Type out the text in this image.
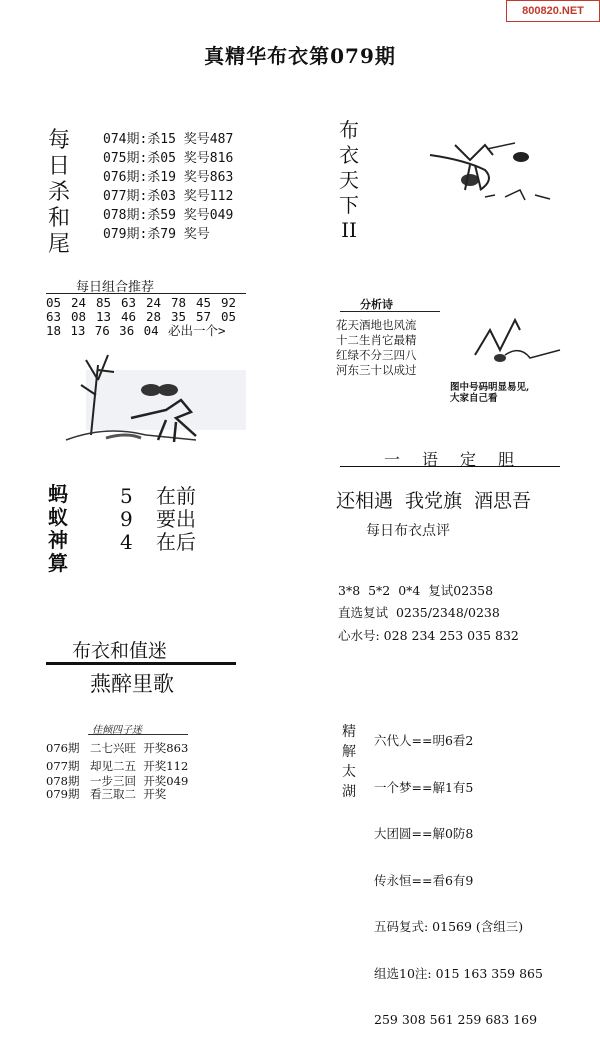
800820.NET
真精华布衣第079期
每
日
杀
和
尾
074期:杀15 奖号487
075期:杀05 奖号816
076期:杀19 奖号863
077期:杀03 奖号112
078期:杀59 奖号049
079期:杀79 奖号
每日组合推荐
05 24 85 63 24 78 45 92
63 08 13 46 28 35 57 05
18 13 76 36 04 必出一个>
蚂
蚁
神
算
5 在前
9 要出
4 在后
布衣和值迷
燕醉里歌
佳倾四子迷
076期 二七兴旺  开奖863
077期 却见二五  开奖112
078期 一步三回  开奖049
079期 看三取二  开奖
布
衣
天
下
II
分析诗
花天酒地也风流
十二生肖它最精
红绿不分三四八
河东三十以成过
图中号码明显易见,
大家自己看
一语定胆
还相遇 我党旗 酒思吾
每日布衣点评
3*8  5*2  0*4  复试02358
直选复试  0235/2348/0238
心水号: 028 234 253 035 832
精
解
太
湖

六代人==明6看2

一个梦==解1有5

大团圆==解0防8

传永恒==看6有9

五码复式: 01569 (含组三)

组选10注: 015 163 359 865

259 308 561 259 683 169
